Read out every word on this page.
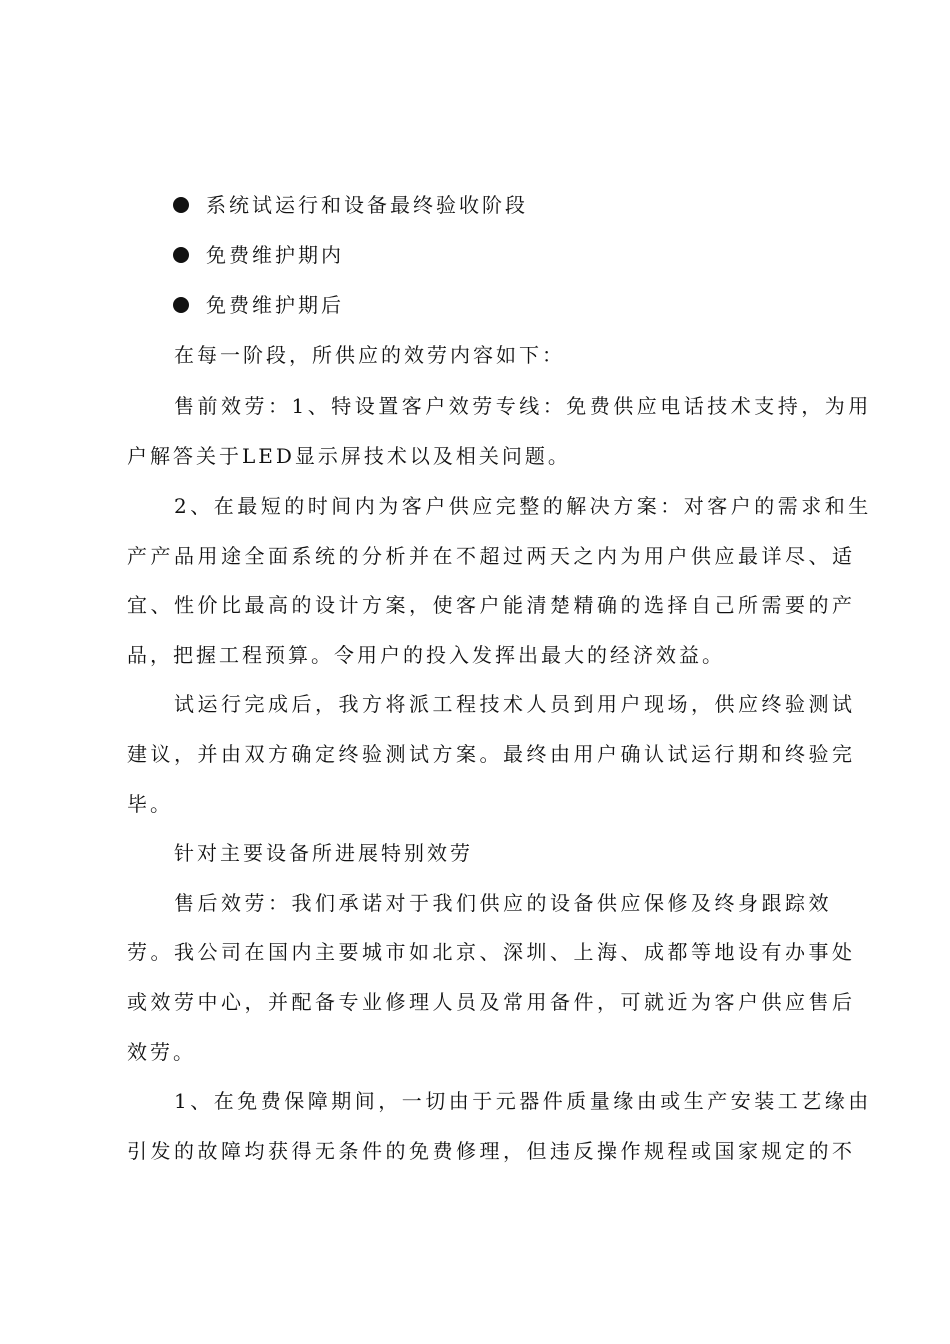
系统试运行和设备最终验收阶段
免费维护期内
免费维护期后
在每一阶段，所供应的效劳内容如下：
售前效劳：1、特设置客户效劳专线：免费供应电话技术支持，为用
户解答关于LED显示屏技术以及相关问题。
2、在最短的时间内为客户供应完整的解决方案：对客户的需求和生
产产品用途全面系统的分析并在不超过两天之内为用户供应最详尽、适
宜、性价比最高的设计方案，使客户能清楚精确的选择自己所需要的产
品，把握工程预算。令用户的投入发挥出最大的经济效益。
试运行完成后，我方将派工程技术人员到用户现场，供应终验测试
建议，并由双方确定终验测试方案。最终由用户确认试运行期和终验完
毕。
针对主要设备所进展特别效劳
售后效劳：我们承诺对于我们供应的设备供应保修及终身跟踪效
劳。我公司在国内主要城市如北京、深圳、上海、成都等地设有办事处
或效劳中心，并配备专业修理人员及常用备件，可就近为客户供应售后
效劳。
1、在免费保障期间，一切由于元器件质量缘由或生产安装工艺缘由
引发的故障均获得无条件的免费修理，但违反操作规程或国家规定的不
